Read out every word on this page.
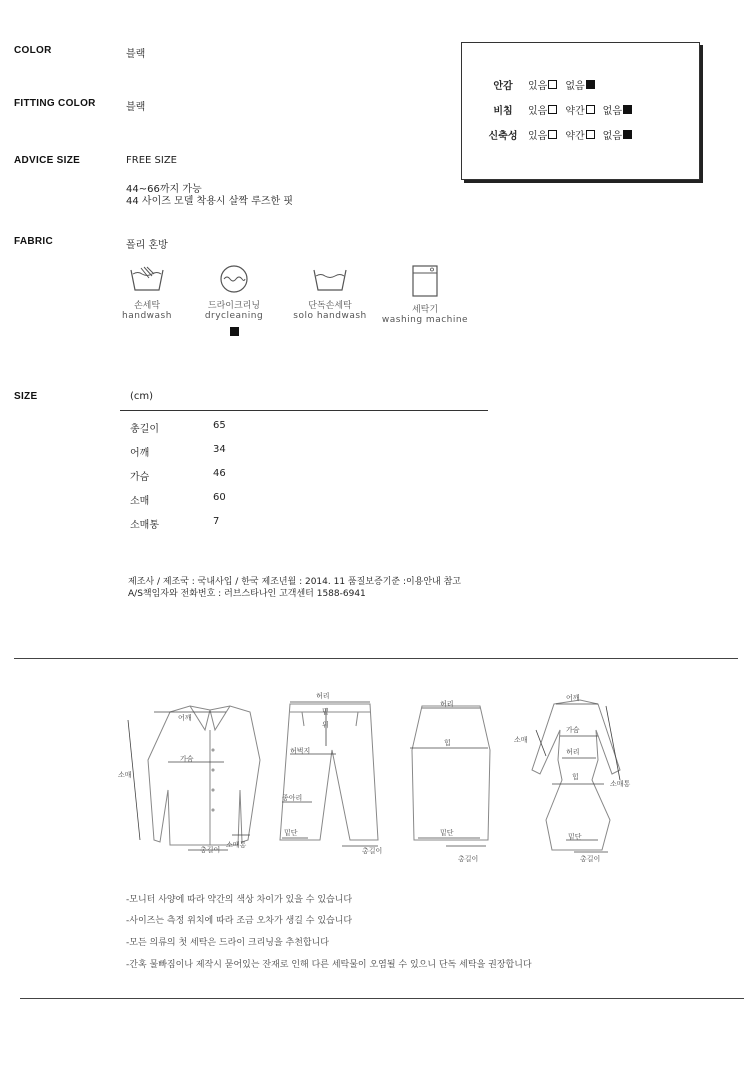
COLOR	블랙
FITTING COLOR	블랙
ADVICE SIZE	FREE SIZE
44~66까지 가능
44 사이즈 모델 착용시 살짝 루즈한 핏
FABRIC	폴리 혼방
안감	있음 없음
비침	있음 약간 없음
신축성	있음 약간 없음
손세탁
handwash
드라이크리닝
drycleaning
단독손세탁
solo handwash
세탁기
washing machine
SIZE	(cm)
총길이	65
어깨	34
가슴	46
소매	60
소매통	7
제조사 / 제조국 : 국내사입 / 한국 제조년월 : 2014. 11 품질보증기준 :이용안내 참고
A/S책임자와 전화번호 : 러브스타나인 고객센터 1588-6941
어깨
가슴
소매
소매통
총길이
허리
밑위
허벅지
종아리
밑단
총길이
허리
힙
밑단
총길이
어깨
가슴
소매
허리
힙
소매통
밑단
총길이
-모니터 사양에 따라 약간의 색상 차이가 있을 수 있습니다
-사이즈는 측정 위치에 따라 조금 오차가 생길 수 있습니다
-모든 의류의 첫 세탁은 드라이 크리닝을 추천합니다
-간혹 물빠짐이나 제작시 묻어있는 잔재로 인해 다른 세탁물이 오염될 수 있으니 단독 세탁을 권장합니다
